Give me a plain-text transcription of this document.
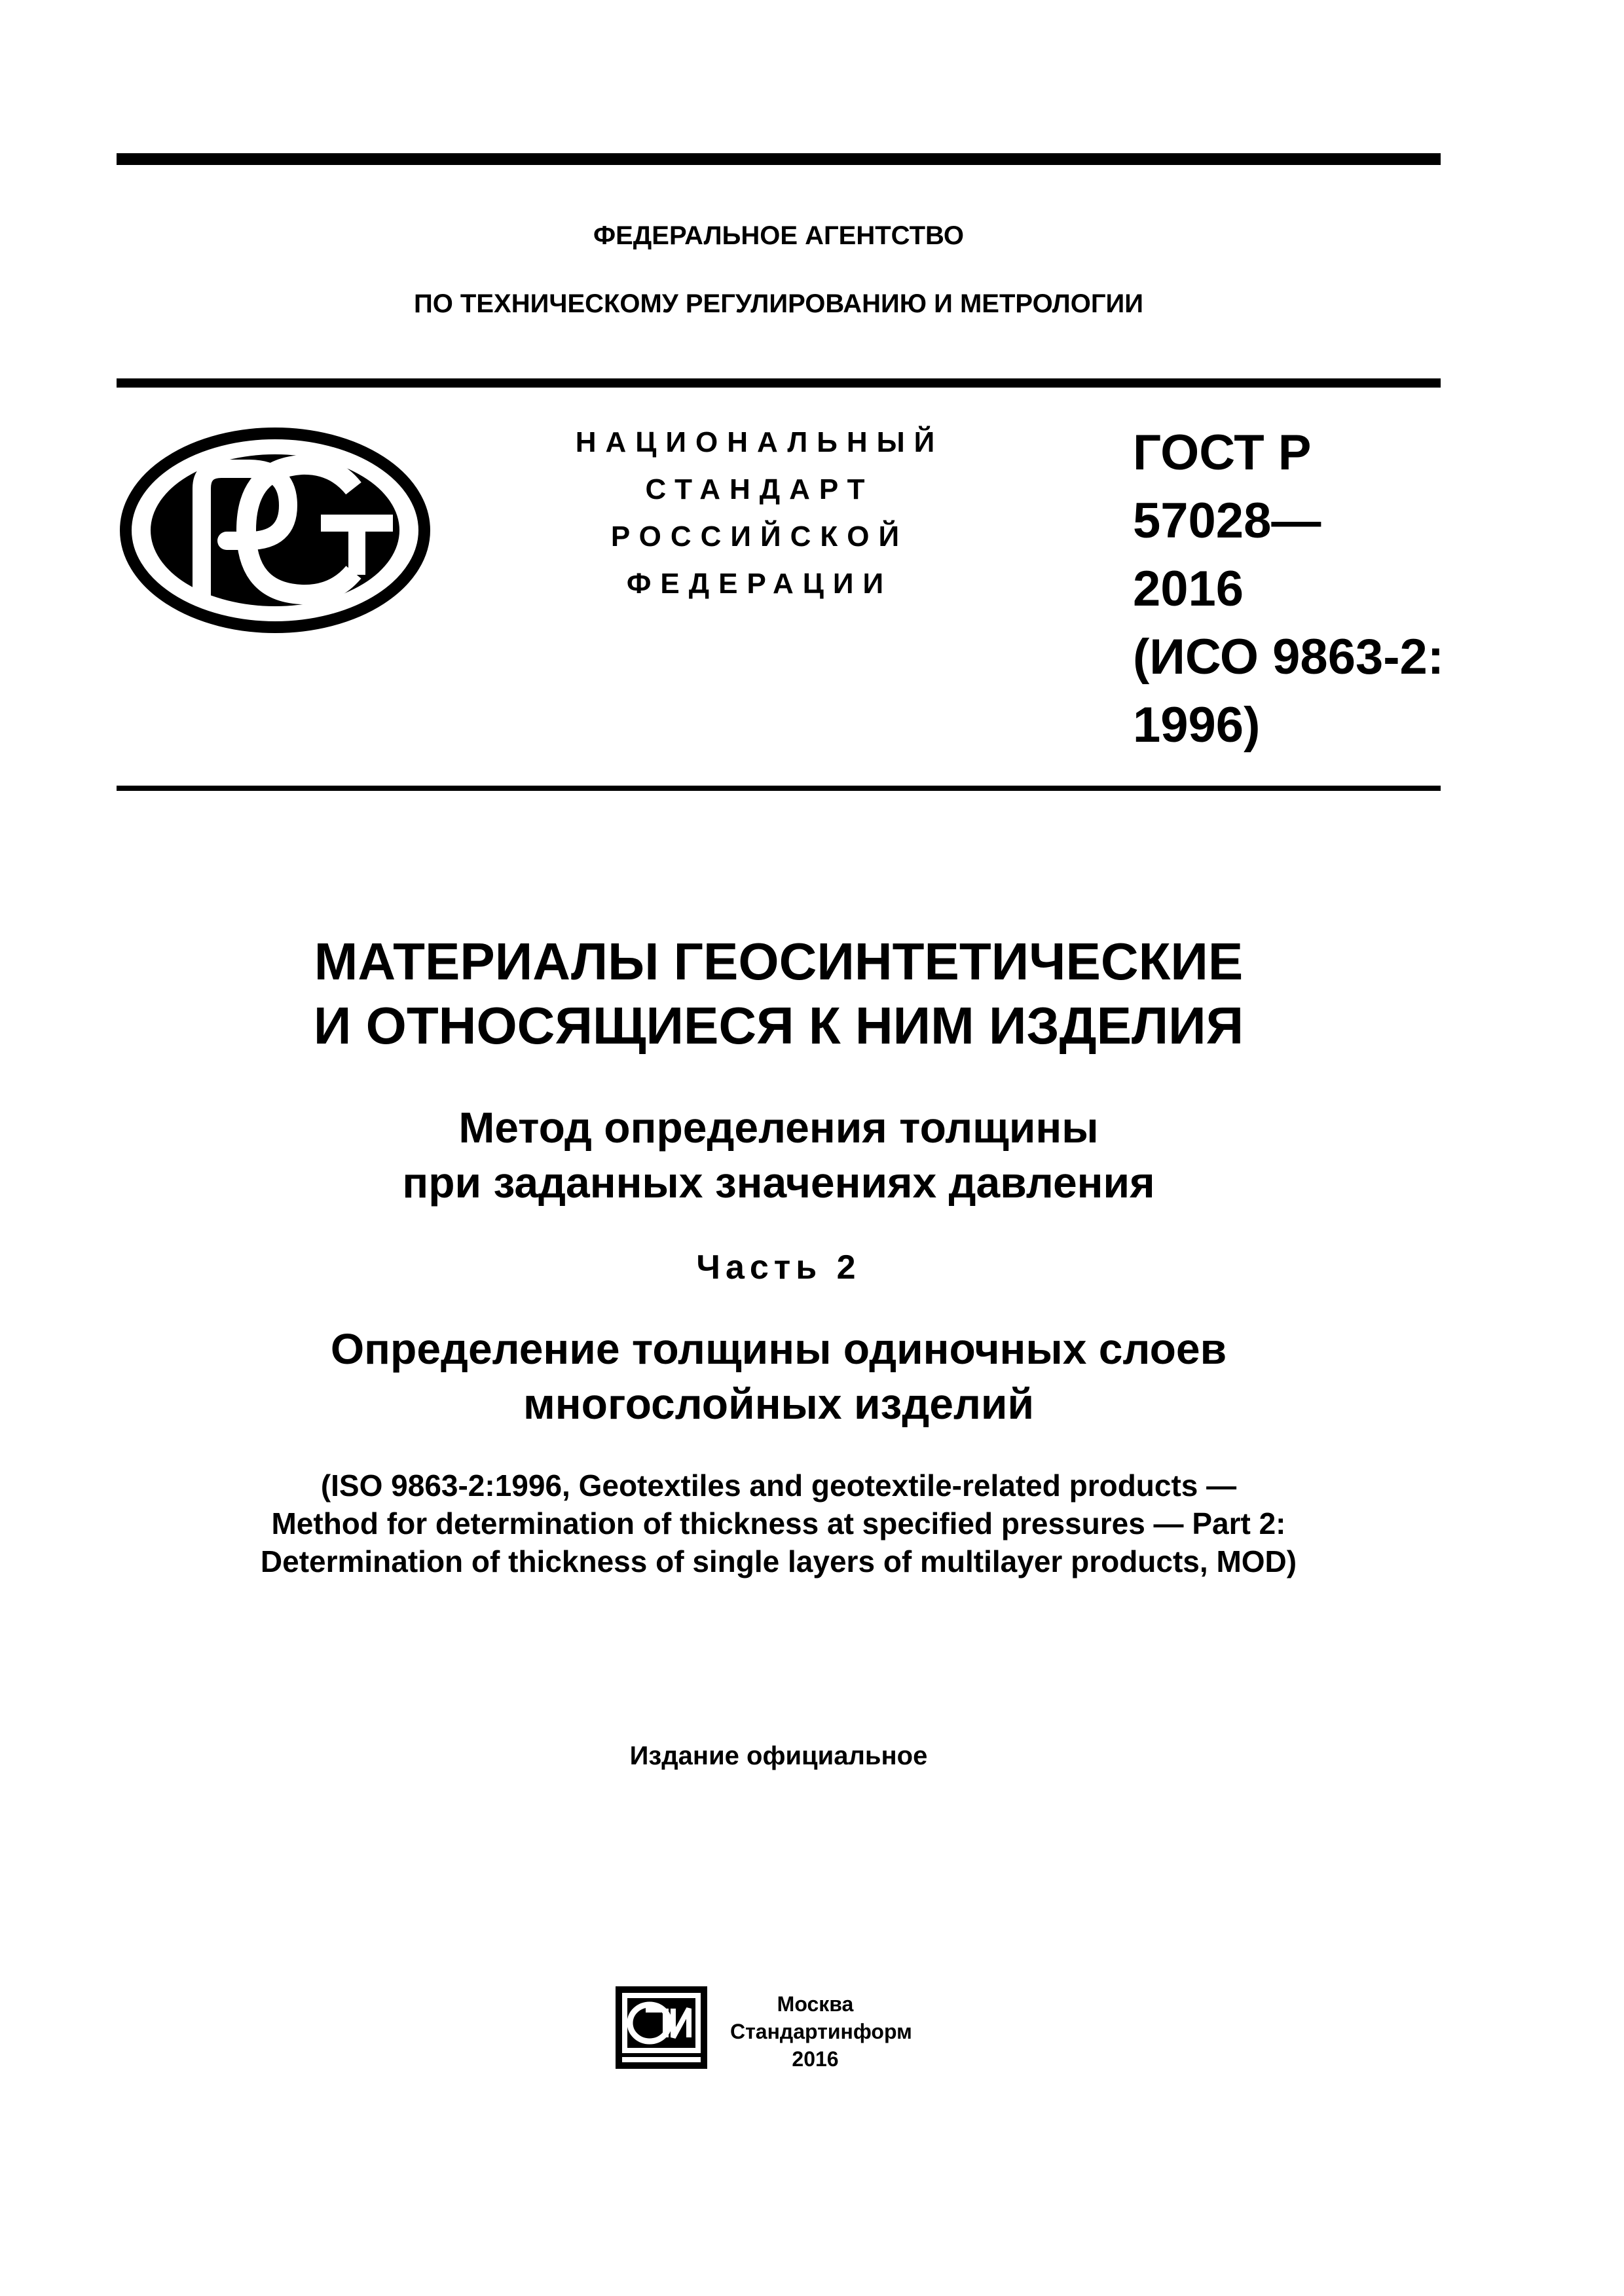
ФЕДЕРАЛЬНОЕ АГЕНТСТВО
ПО ТЕХНИЧЕСКОМУ РЕГУЛИРОВАНИЮ И МЕТРОЛОГИИ
НАЦИОНАЛЬНЫЙ
СТАНДАРТ
РОССИЙСКОЙ
ФЕДЕРАЦИИ
ГОСТ Р
57028—
2016
(ИСО 9863-2:
1996)
МАТЕРИАЛЫ ГЕОСИНТЕТИЧЕСКИЕ
И ОТНОСЯЩИЕСЯ К НИМ ИЗДЕЛИЯ
Метод определения толщины
при заданных значениях давления
Часть 2
Определение толщины одиночных слоев
многослойных изделий
(ISO 9863-2:1996, Geotextiles and geotextile-related products —
Method for determination of thickness at specified pressures — Part 2:
Determination of thickness of single layers of multilayer products, MOD)
Издание официальное
Москва
Стандартинформ
2016
